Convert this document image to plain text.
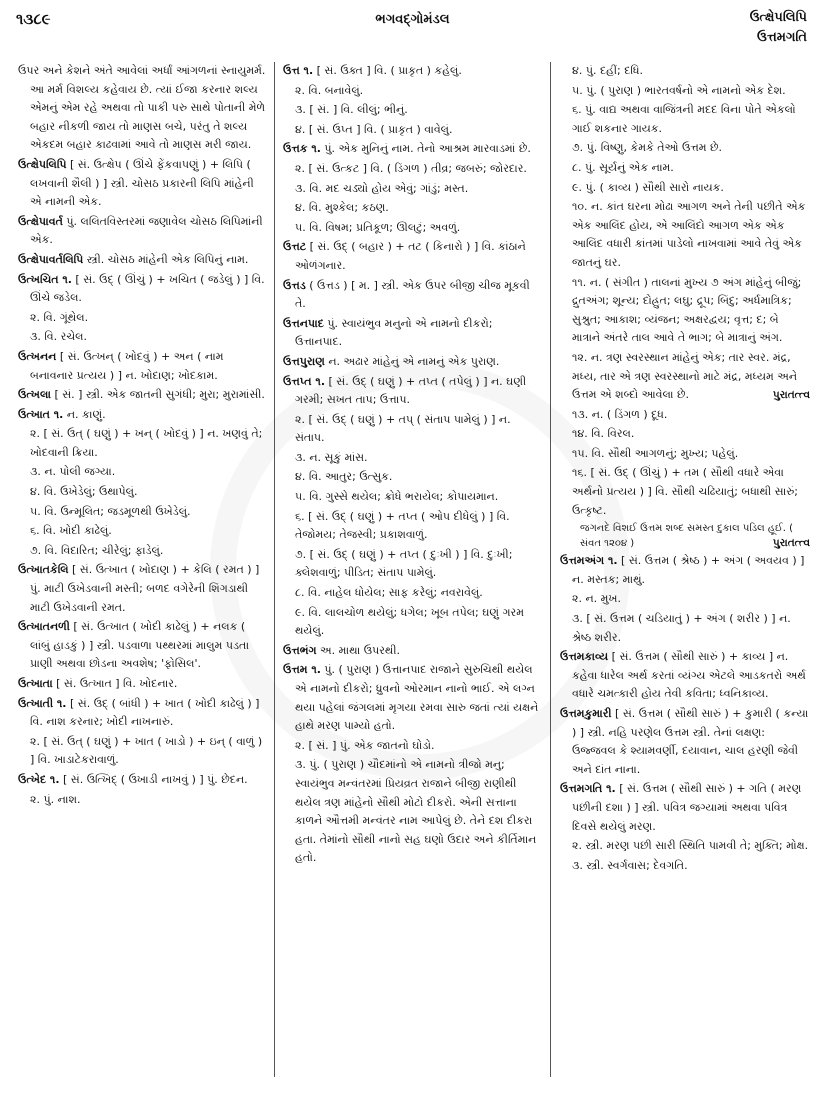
૧૩૮૯	ભગવદ્ગોમંડલ	ઉત્ક્ષેપલિપિ
ઉત્તમગતિ
ઉપર અને કેશને અંતે આવેલાં અર્ધાં આંગળનાં સ્નાયુમર્મ. આ મર્મ વિશલ્ય કહેવાય છે. ત્યાં ઈજા કરનાર શલ્ય એમનું એમ રહે અથવા તો પાકી પરુ સાથે પોતાની મેળે બહાર નીકળી જાય તો માણસ બચે, પરંતુ તે શલ્ય એકદમ બહાર કાઢવામાં આવે તો માણસ મરી જાય.
ઉત્ક્ષેપલિપિ [ સં. ઉત્ક્ષેપ ( ઊંચે ફેંકવાપણું ) + લિપિ ( લખવાની શૈલી ) ] સ્ત્રી. ચોસઠ પ્રકારની લિપિ માંહેની એ નામની એક.
ઉત્ક્ષેપાવર્ત પું. લલિતવિસ્તરમાં જણાવેલ ચોસઠ લિપિમાંની એક.
ઉત્ક્ષેપાવર્તલિપિ સ્ત્રી. ચોસઠ માંહેની એક લિપિનું નામ.
ઉત્ખચિત ૧. [ સં. ઉદ્ ( ઊંચું ) + ખચિત ( જડેલું ) ] વિ. ઊંચે જડેલ.
૨. વિ. ગૂંથેલ.
૩. વિ. રચેલ.
ઉત્ખનન [ સં. ઉત્ખન્ ( ખોદવું ) + અન ( નામ બનાવનાર પ્રત્યય ) ] ન. ખોદાણ; ખોદકામ.
ઉત્ખલા [ સં. ] સ્ત્રી. એક જાતની સુગંધી; મુરા; મુરામાંસી.
ઉત્ખાત ૧. ન. કાણું.
૨. [ સં. ઉત્ ( ઘણું ) + ખન્ ( ખોદવું ) ] ન. ખણવું તે; ખોદવાની ક્રિયા.
૩. ન. પોલી જગ્યા.
૪. વિ. ઉખેડેલું; ઉથાપેલું.
૫. વિ. ઉન્મૂલિત; જડમૂળથી ઉખેડેલું.
૬. વિ. ખોદી કાઢેલું.
૭. વિ. વિદારિત; ચીરેલું; ફાડેલું.
ઉત્ખાતકેલિ [ સં. ઉત્ખાત ( ખોદાણ ) + કેલિ ( રમત ) ] પું. માટી ઉખેડવાની મસ્તી; બળદ વગેરેની શિંગડાથી માટી ઉખેડવાની રમત.
ઉત્ખાતનળી [ સં. ઉત્ખાત ( ખોદી કાઢેલું ) + નલક ( લાંબું હાડકું ) ] સ્ત્રી. પડવાળા પથ્થરમાં માલુમ પડતા પ્રાણી અથવા છોડના અવશેષ; 'ફોસિલ'.
ઉત્ખાતા [ સં. ઉત્ખાત ] વિ. ખોદનાર.
ઉત્ખાતી ૧. [ સં. ઉદ્ ( બાંધી ) + ખાત ( ખોદી કાઢેલું ) ] વિ. નાશ કરનાર; ખોદી નાખનારું.
૨. [ સં. ઉત્ ( ઘણું ) + ખાત ( ખાડો ) + ઇન્ ( વાળું ) ] વિ. ખાડાટેકરાવાળું.
ઉત્ખેદ ૧. [ સં. ઉત્ખિદ્ ( ઉખાડી નાખવું ) ] પું. છેદન.
૨. પું. નાશ.
ઉત્ત ૧. [ સં. ઉક્ત ] વિ. ( પ્રાકૃત ) કહેલું.
૨. વિ. બનાવેલું.
૩. [ સં. ] વિ. લીલું; ભીનું.
૪. [ સં. ઉપ્ત ] વિ. ( પ્રાકૃત ) વાવેલું.
ઉત્તક ૧. પું. એક મુનિનું નામ. તેનો આશ્રમ મારવાડમાં છે.
૨. [ સં. ઉત્કટ ] વિ. ( ડિંગળ ) તીવ્ર; જબરું; જોરદાર.
૩. વિ. મદ ચડ્યો હોય એવું; ગાંડું; મસ્ત.
૪. વિ. મુશ્કેલ; કઠણ.
૫. વિ. વિષમ; પ્રતિકૂળ; ઊલટું; અવળું.
ઉત્તટ [ સં. ઉદ્ ( બહાર ) + તટ ( કિનારો ) ] વિ. કાંઠાને ઓળંગનાર.
ઉત્તડ ( ઉત્તડ ) [ મ. ] સ્ત્રી. એક ઉપર બીજી ચીજ મૂકવી તે.
ઉત્તનપાદ પું. સ્વાયંભુવ મનુનો એ નામનો દીકરો; ઉત્તાનપાદ.
ઉત્તપુરાણ ન. અઢાર માંહેનું એ નામનું એક પુરાણ.
ઉત્તપ્ત ૧. [ સં. ઉદ્ ( ઘણું ) + તપ્ત ( તપેલું ) ] ન. ઘણી ગરમી; સખત તાપ; ઉત્તાપ.
૨. [ સં. ઉદ્ ( ઘણું ) + તપ્ ( સંતાપ પામેલું ) ] ન. સંતાપ.
૩. ન. સૂકું માંસ.
૪. વિ. આતુર; ઉત્સુક.
૫. વિ. ગુસ્સે થયેલ; ક્રોધે ભરાયેલ; કોપાયમાન.
૬. [ સં. ઉદ્ ( ઘણું ) + તપ્ત ( ઓપ દીધેલું ) ] વિ. તેજોમય; તેજસ્વી; પ્રકાશવાળું.
૭. [ સં. ઉદ્ ( ઘણું ) + તપ્ત ( દુઃખી ) ] વિ. દુઃખી; ક્લેશવાળું; પીડિત; સંતાપ પામેલું.
૮. વિ. નાહેલ ધોયેલ; સાફ કરેલું; નવરાવેલું.
૯. વિ. લાલચોળ થયેલું; ધગેલ; ખૂબ તપેલ; ઘણું ગરમ થયેલું.
ઉત્તભંગ અ. માથા ઉપરથી.
ઉત્તમ ૧. પું. ( પુરાણ ) ઉત્તાનપાદ રાજાને સુરુચિથી થયેલ એ નામનો દીકરો; ધ્રુવનો ઓરમાન નાનો ભાઈ. એ લગ્ન થયા પહેલાં જંગલમાં મૃગયા રમવા સારુ જતાં ત્યાં યક્ષને હાથે મરણ પામ્યો હતો.
૨. [ સં. ] પું. એક જાતનો ઘોડો.
૩. પું. ( પુરાણ ) ચૌદમાંનો એ નામનો ત્રીજો મનુ; સ્વાયંભુવ મન્વંતરમાં પ્રિયવ્રત રાજાને બીજી રાણીથી થયેલ ત્રણ માંહેનો સૌથી મોટો દીકરો. એની સત્તાના કાળને ઔત્તમી મન્વંતર નામ આપેલું છે. તેને દશ દીકરા હતા. તેમાંનો સૌથી નાનો સહ ઘણો ઉદાર અને કીર્તિમાન હતો.
૪. પું. દહીં; દધિ.
૫. પું. ( પુરાણ ) ભારતવર્ષનો એ નામનો એક દેશ.
૬. પું. વાદ્ય અથવા વાજિંત્રની મદદ વિના પોતે એકલો ગાઈ શકનાર ગાયક.
૭. પું. વિષ્ણુ, કેમકે તેઓ ઉત્તમ છે.
૮. પું. સૂર્યનું એક નામ.
૯. પું. ( કાવ્ય ) સૌથી સારો નાયક.
૧૦. ન. કાંત ઘરના મોઢા આગળ અને તેની પછીતે એક એક આલિંદ હોય, એ આલિંદો આગળ એક એક આલિંદ વધારી કાંતમાં પાડેલો નાખવામાં આવે તેવું એક જાતનું ઘર.
૧૧. ન. ( સંગીત ) તાલનાં મુખ્ય ૭ અંગ માંહેનું બીજું; દ્રુતઅંગ; શૂન્ય; દોહ્રુત; લઘુ; દ્રૂપ; બિંદુ; અર્ધમાત્રિક; સુશ્રુત; આકાશ; વ્યંજન; અક્ષરદ્વય; વૃત્ત; દ; બે માત્રાને અંતરે તાલ આવે તે ભાગ; બે માત્રાનું અંગ.
૧૨. ન. ત્રણ સ્વરસ્થાન માંહેનું એક; તાર સ્વર. મંદ્ર, મધ્ય, તાર એ ત્રણ સ્વરસ્થાનો માટે મંદ્ર, મધ્યમ અને ઉત્તમ એ શબ્દો આવેલા છે.	પુરાતત્ત્વ
૧૩. ન. ( ડિંગળ ) દૂધ.
૧૪. વિ. વિરલ.
૧૫. વિ. સૌથી આગળનું; મુખ્ય; પહેલું.
૧૬. [ સં. ઉદ્ ( ઊંચું ) + તમ ( સૌથી વધારે એવા અર્થનો પ્રત્યય ) ] વિ. સૌથી ચઢિયાતું; બધાથી સારું; ઉત્કૃષ્ટ.
જગનદે વિશઈ ઉત્તમ શબ્દ સમસ્ત દુકાલ પડિલ હૂઈ. ( સંવત ૧૨૦૪ )	પુરાતત્ત્વ
ઉત્તમઅંગ ૧. [ સં. ઉત્તમ ( શ્રેષ્ઠ ) + અંગ ( અવયવ ) ] ન. મસ્તક; માથું.
૨. ન. મુખ.
૩. [ સં. ઉત્તમ ( ચડિયાતું ) + અંગ ( શરીર ) ] ન. શ્રેષ્ઠ શરીર.
ઉત્તમકાવ્ય [ સં. ઉત્તમ ( સૌથી સારું ) + કાવ્ય ] ન. કહેવા ધારેલ અર્થ કરતાં વ્યંગ્ય એટલે આડકતરો અર્થ વધારે ચમત્કારી હોય તેવી કવિતા; ધ્વનિકાવ્ય.
ઉત્તમકુમારી [ સં. ઉત્તમ ( સૌથી સારું ) + કુમારી ( કન્યા ) ] સ્ત્રી. નહિ પરણેલ ઉત્તમ સ્ત્રી. તેનાં લક્ષણ: ઉજ્જવલ કે શ્યામવર્ણી, દયાવાન, ચાલ હરણી જેવી અને દાંત નાના.
ઉત્તમગતિ ૧. [ સં. ઉત્તમ ( સૌથી સારું ) + ગતિ ( મરણ પછીની દશા ) ] સ્ત્રી. પવિત્ર જગ્યામાં અથવા પવિત્ર દિવસે થયેલું મરણ.
૨. સ્ત્રી. મરણ પછી સારી સ્થિતિ પામવી તે; મુક્તિ; મોક્ષ.
૩. સ્ત્રી. સ્વર્ગવાસ; દેવગતિ.
